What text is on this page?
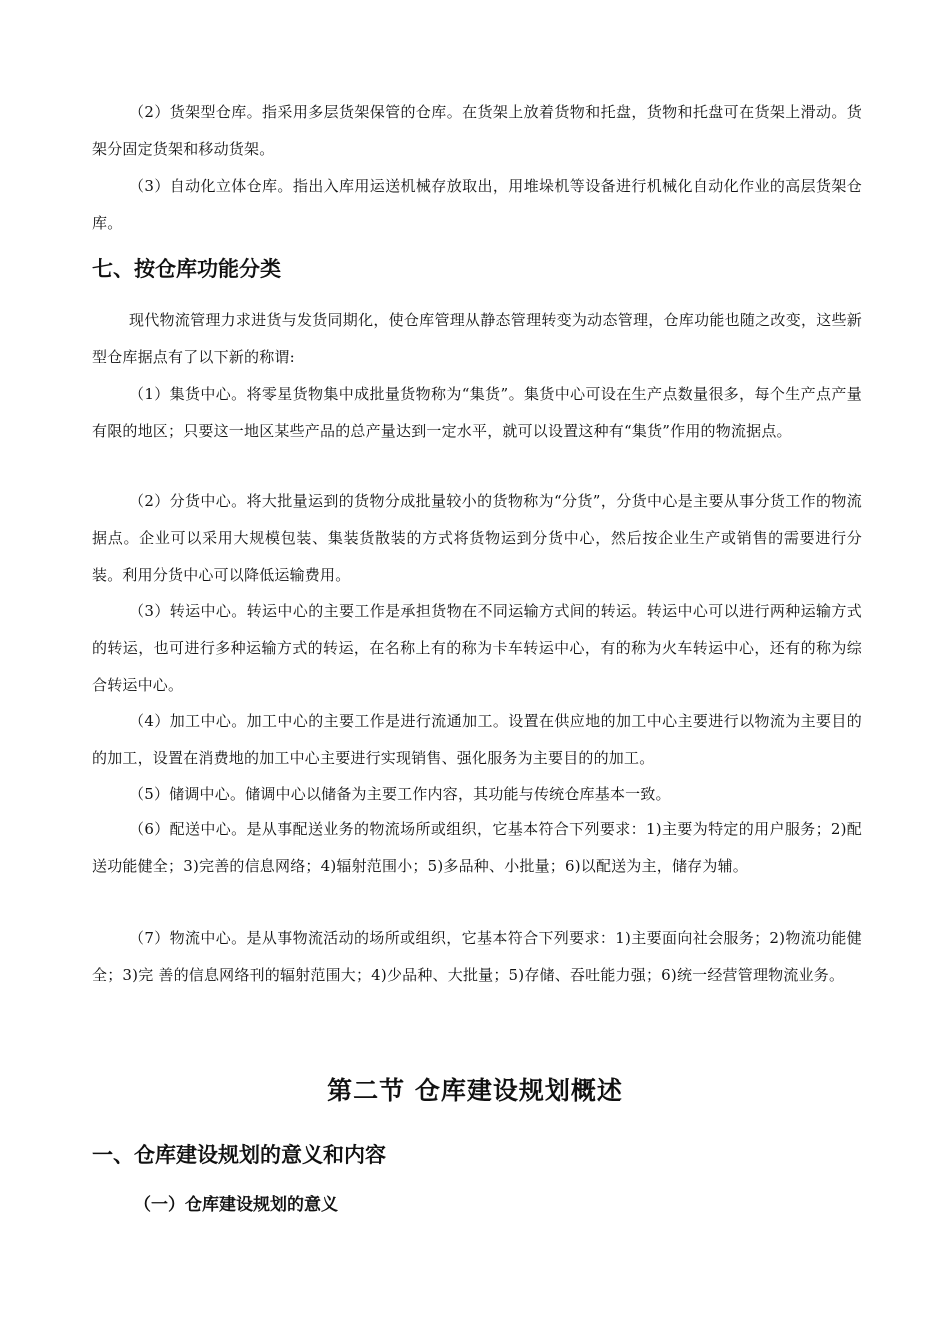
（2）货架型仓库。指采用多层货架保管的仓库。在货架上放着货物和托盘，货物和托盘可在货架上滑动。货架分固定货架和移动货架。

（3）自动化立体仓库。指出入库用运送机械存放取出，用堆垛机等设备进行机械化自动化作业的高层货架仓库。

七、按仓库功能分类

现代物流管理力求进货与发货同期化，使仓库管理从静态管理转变为动态管理，仓库功能也随之改变，这些新型仓库据点有了以下新的称谓:

（1）集货中心。将零星货物集中成批量货物称为“集货”。集货中心可设在生产点数量很多，每个生产点产量有限的地区；只要这一地区某些产品的总产量达到一定水平，就可以设置这种有“集货”作用的物流据点。

（2）分货中心。将大批量运到的货物分成批量较小的货物称为“分货”，分货中心是主要从事分货工作的物流据点。企业可以采用大规模包装、集装货散装的方式将货物运到分货中心，然后按企业生产或销售的需要进行分装。利用分货中心可以降低运输费用。

（3）转运中心。转运中心的主要工作是承担货物在不同运输方式间的转运。转运中心可以进行两种运输方式的转运，也可进行多种运输方式的转运，在名称上有的称为卡车转运中心，有的称为火车转运中心，还有的称为综合转运中心。

（4）加工中心。加工中心的主要工作是进行流通加工。设置在供应地的加工中心主要进行以物流为主要目的的加工，设置在消费地的加工中心主要进行实现销售、强化服务为主要目的的加工。

（5）储调中心。储调中心以储备为主要工作内容，其功能与传统仓库基本一致。

（6）配送中心。是从事配送业务的物流场所或组织，它基本符合下列要求：1)主要为特定的用户服务；2)配送功能健全；3)完善的信息网络；4)辐射范围小；5)多品种、小批量；6)以配送为主，储存为辅。

（7）物流中心。是从事物流活动的场所或组织，它基本符合下列要求：1)主要面向社会服务；2)物流功能健全；3)完 善的信息网络刊的辐射范围大；4)少品种、大批量；5)存储、吞吐能力强；6)统一经营管理物流业务。

第二节 仓库建设规划概述
一、仓库建设规划的意义和内容
（一）仓库建设规划的意义
